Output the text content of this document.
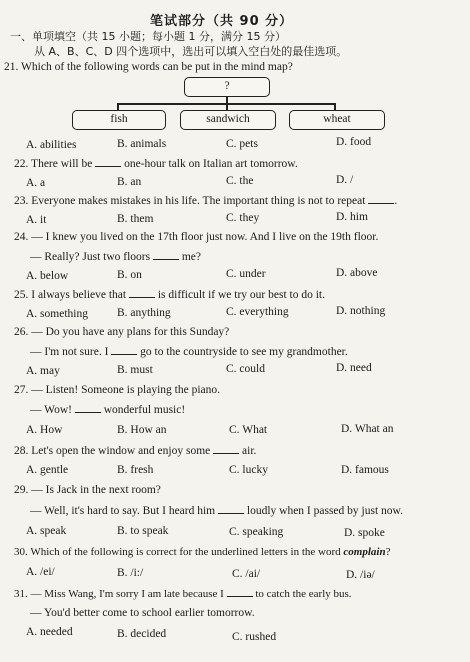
笔试部分（共 90 分）
一、单项填空（共 15 小题；每小题 1 分，满分 15 分）
从 A、B、C、D 四个选项中，选出可以填入空白处的最佳选项。
21. Which of the following words can be put in the mind map?
?
fish	sandwich	wheat
A. abilities	B. animals	C. pets	D. food
22. There will be	one-hour talk on Italian art tomorrow.
A. a	B. an	C. the	D. /
23. Everyone makes mistakes in his life. The important thing is not to repeat	.
A. it	B. them	C. they	D. him
24. — I knew you lived on the 17th floor just now. And I live on the 19th floor.
— Really? Just two floors	me?
A. below	B. on	C. under	D. above
25. I always believe that	is difficult if we try our best to do it.
A. something	B. anything	C. everything	D. nothing
26. — Do you have any plans for this Sunday?
— I'm not sure. I	go to the countryside to see my grandmother.
A. may	B. must	C. could	D. need
27. — Listen! Someone is playing the piano.
— Wow!	wonderful music!
A. How	B. How an	C. What	D. What an
28. Let's open the window and enjoy some	air.
A. gentle	B. fresh	C. lucky	D. famous
29. — Is Jack in the next room?
— Well, it's hard to say. But I heard him	loudly when I passed by just now.
A. speak	B. to speak	C. speaking	D. spoke
30. Which of the following is correct for the underlined letters in the word complain?
A. /ei/	B. /i:/	C. /ai/	D. /iə/
31. — Miss Wang, I'm sorry I am late because I	to catch the early bus.
— You'd better come to school earlier tomorrow.
A. needed	B. decided	C. rushed
